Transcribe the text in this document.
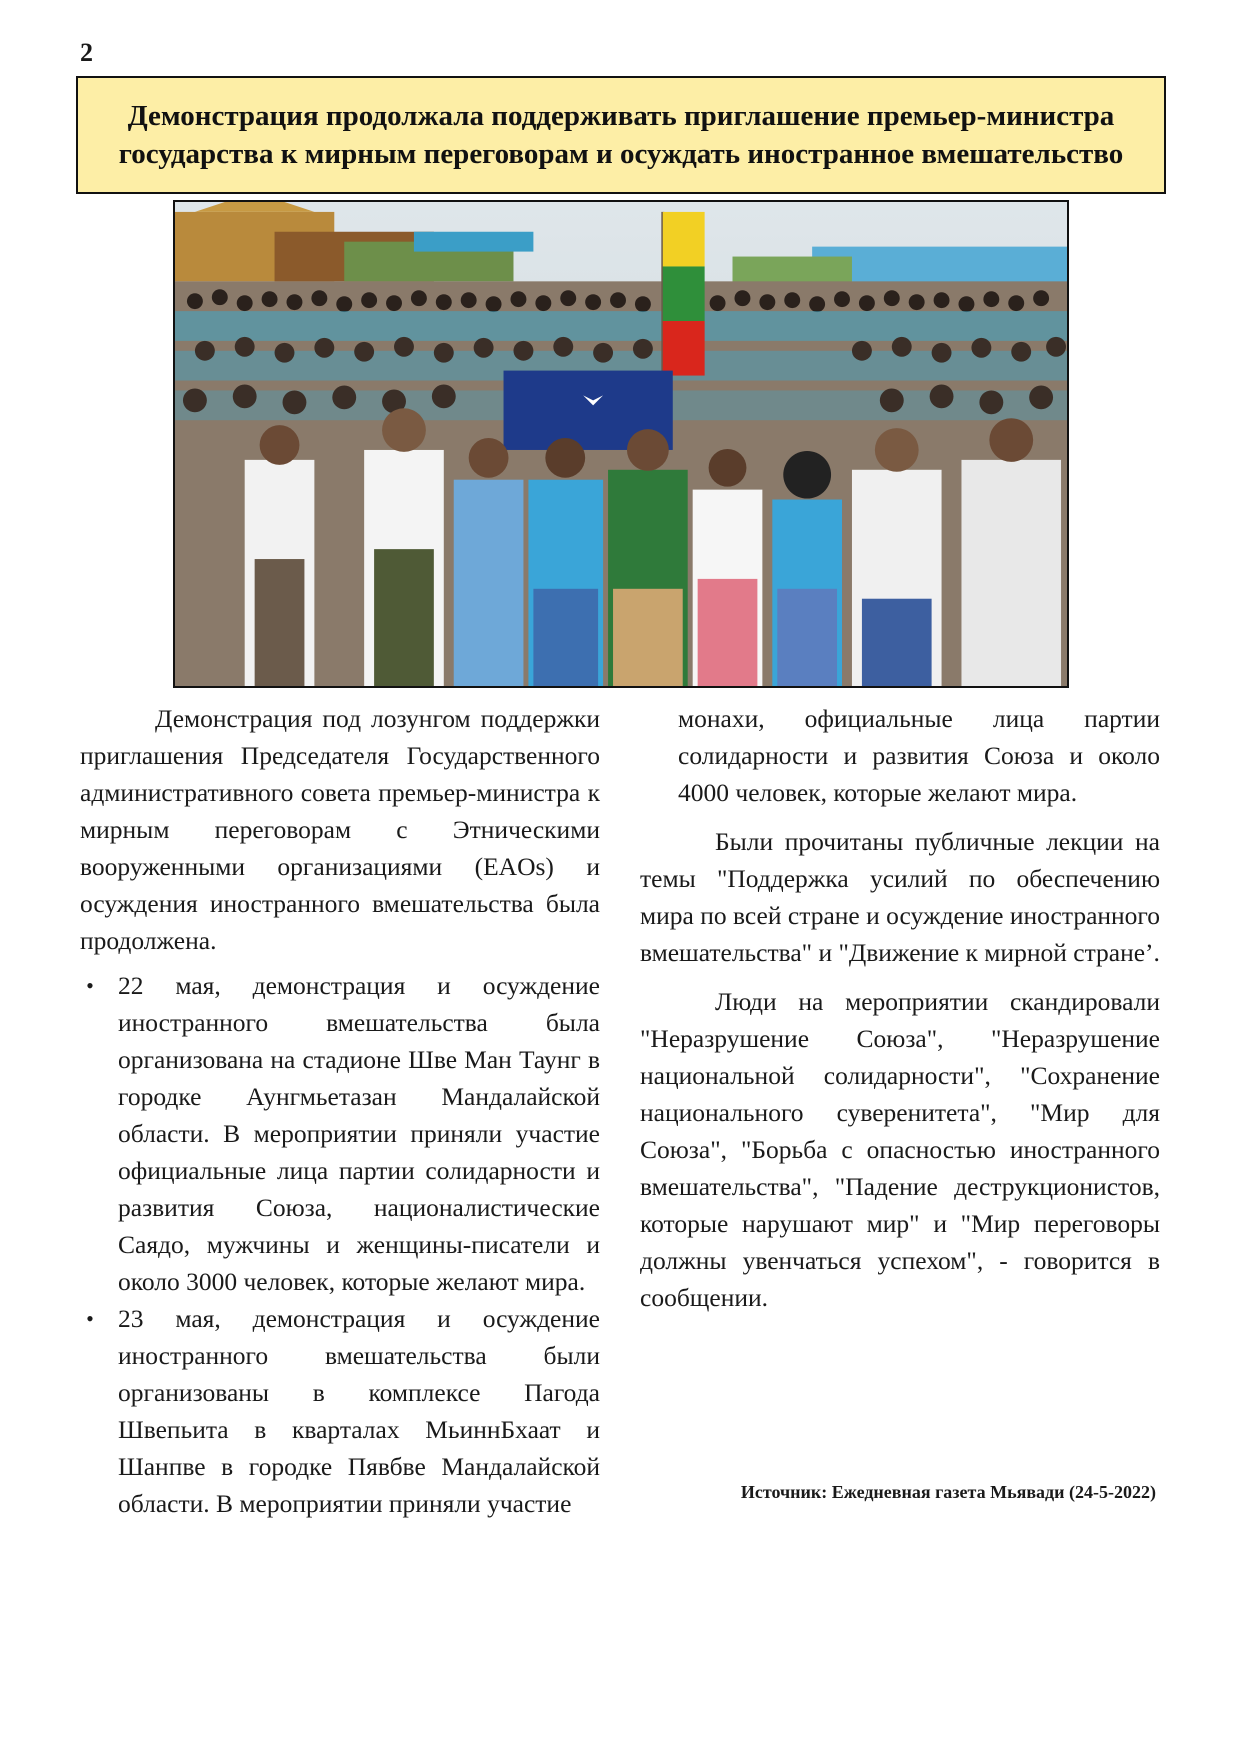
2
Демонстрация продолжала поддерживать приглашение премьер-министра государства к мирным переговорам и осуждать иностранное вмешательство

Демонстрация под лозунгом поддержки приглашения Председателя Государственного административного совета премьер-министра к мирным переговорам с Этническими вооруженными организациями (EAOs) и осуждения иностранного вмешательства была продолжена.

• 22 мая, демонстрация и осуждение иностранного вмешательства была организована на стадионе Шве Ман Таунг в городке Аунгмьетазан Мандалайской области. В мероприятии приняли участие официальные лица партии солидарности и развития Союза, националистические Саядо, мужчины и женщины-писатели и около 3000 человек, которые желают мира.
• 23 мая, демонстрация и осуждение иностранного вмешательства были организованы в комплексе Пагода Швепьита в кварталах МьиннБхаат и Шанпве в городке Пявбве Мандалайской области. В мероприятии приняли участие

монахи, официальные лица партии солидарности и развития Союза и около 4000 человек, которые желают мира.

Были прочитаны публичные лекции на темы "Поддержка усилий по обеспечению мира по всей стране и осуждение иностранного вмешательства" и "Движение к мирной стране’.

Люди на мероприятии скандировали "Неразрушение Союза", "Неразрушение национальной солидарности", "Сохранение национального суверенитета", "Мир для Союза", "Борьба с опасностью иностранного вмешательства", "Падение деструкционистов, которые нарушают мир" и "Мир переговоры должны увенчаться успехом", - говорится в сообщении.

Источник: Ежедневная газета Мьявади (24-5-2022)
